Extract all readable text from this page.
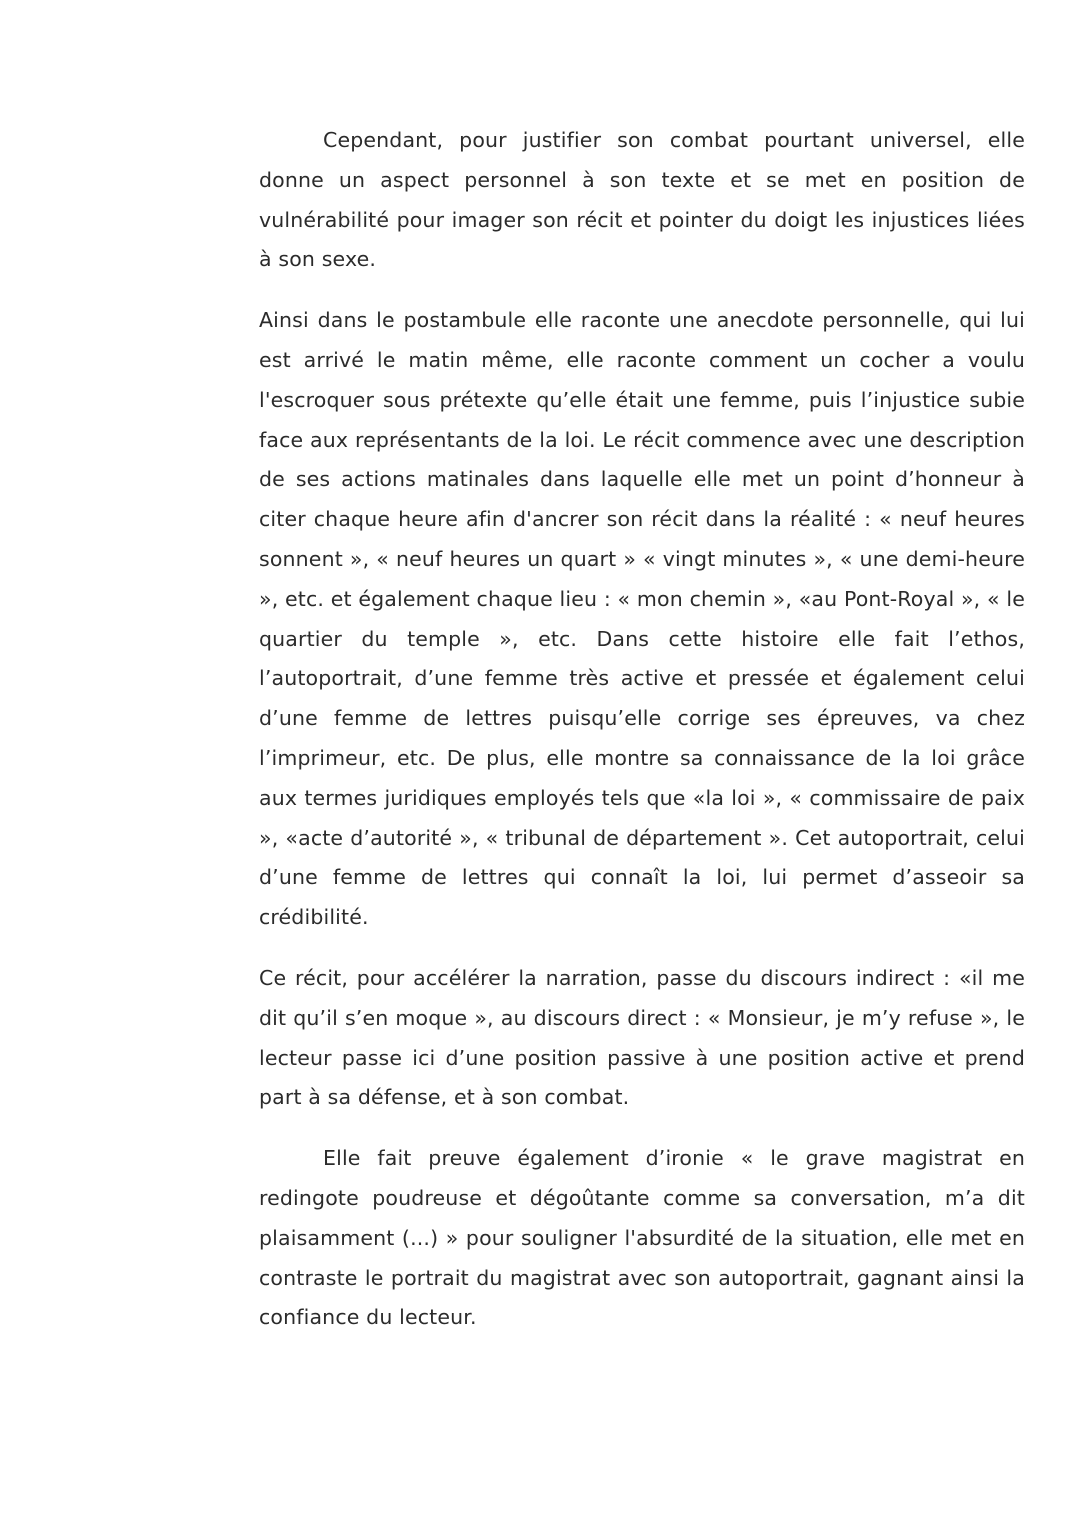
Cependant, pour justifier son combat pourtant universel, elle donne un aspect personnel à son texte et se met en position de vulnérabilité pour imager son récit et pointer du doigt les injustices liées à son sexe.

Ainsi dans le postambule elle raconte une anecdote personnelle, qui lui est arrivé le matin même, elle raconte comment un cocher a voulu l'escroquer sous prétexte qu’elle était une femme, puis l’injustice subie face aux représentants de la loi. Le récit commence avec une description de ses actions matinales dans laquelle elle met un point d’honneur à citer chaque heure afin d'ancrer son récit dans la réalité : « neuf heures sonnent », « neuf heures un quart » « vingt minutes », « une demi-heure », etc. et également chaque lieu : « mon chemin », «au Pont-Royal », « le quartier du temple », etc. Dans cette histoire elle fait l’ethos, l’autoportrait, d’une femme très active et pressée et également celui d’une femme de lettres puisqu’elle corrige ses épreuves, va chez l’imprimeur, etc. De plus, elle montre sa connaissance de la loi grâce aux termes juridiques employés tels que «la loi », « commissaire de paix », «acte d’autorité », « tribunal de département ». Cet autoportrait, celui d’une femme de lettres qui connaît la loi, lui permet d’asseoir sa crédibilité.

Ce récit, pour accélérer la narration, passe du discours indirect : «il me dit qu’il s’en moque », au discours direct : « Monsieur, je m’y refuse », le lecteur passe ici d’une position passive à une position active et prend part à sa défense, et à son combat.

Elle fait preuve également d’ironie « le grave magistrat en redingote poudreuse et dégoûtante comme sa conversation, m’a dit plaisamment (...) » pour souligner l'absurdité de la situation, elle met en contraste le portrait du magistrat avec son autoportrait, gagnant ainsi la confiance du lecteur.
